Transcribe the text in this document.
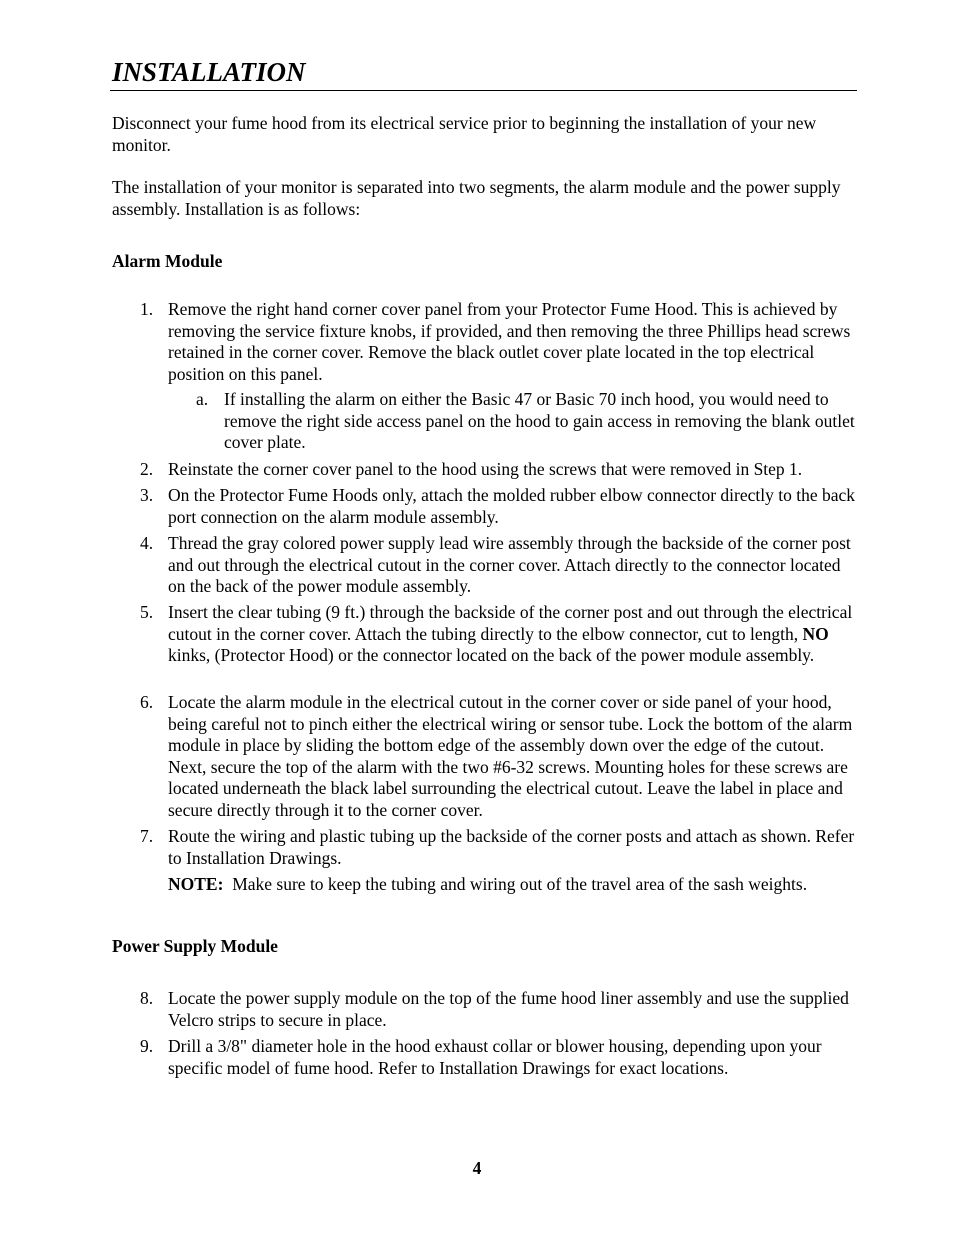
INSTALLATION

Disconnect your fume hood from its electrical service prior to beginning the installation of your new monitor.

The installation of your monitor is separated into two segments, the alarm module and the power supply assembly. Installation is as follows:

Alarm Module
1. Remove the right hand corner cover panel from your Protector Fume Hood. This is achieved by removing the service fixture knobs, if provided, and then removing the three Phillips head screws retained in the corner cover. Remove the black outlet cover plate located in the top electrical position on this panel.
a. If installing the alarm on either the Basic 47 or Basic 70 inch hood, you would need to remove the right side access panel on the hood to gain access in removing the blank outlet cover plate.
2. Reinstate the corner cover panel to the hood using the screws that were removed in Step 1.
3. On the Protector Fume Hoods only, attach the molded rubber elbow connector directly to the back port connection on the alarm module assembly.
4. Thread the gray colored power supply lead wire assembly through the backside of the corner post and out through the electrical cutout in the corner cover. Attach directly to the connector located on the back of the power module assembly.
5. Insert the clear tubing (9 ft.) through the backside of the corner post and out through the electrical cutout in the corner cover. Attach the tubing directly to the elbow connector, cut to length, NO kinks, (Protector Hood) or the connector located on the back of the power module assembly.
6. Locate the alarm module in the electrical cutout in the corner cover or side panel of your hood, being careful not to pinch either the electrical wiring or sensor tube. Lock the bottom of the alarm module in place by sliding the bottom edge of the assembly down over the edge of the cutout. Next, secure the top of the alarm with the two #6-32 screws. Mounting holes for these screws are located underneath the black label surrounding the electrical cutout. Leave the label in place and secure directly through it to the corner cover.
7. Route the wiring and plastic tubing up the backside of the corner posts and attach as shown. Refer to Installation Drawings.
NOTE:  Make sure to keep the tubing and wiring out of the travel area of the sash weights.
Power Supply Module
8. Locate the power supply module on the top of the fume hood liner assembly and use the supplied Velcro strips to secure in place.
9. Drill a 3/8" diameter hole in the hood exhaust collar or blower housing, depending upon your specific model of fume hood. Refer to Installation Drawings for exact locations.
4
